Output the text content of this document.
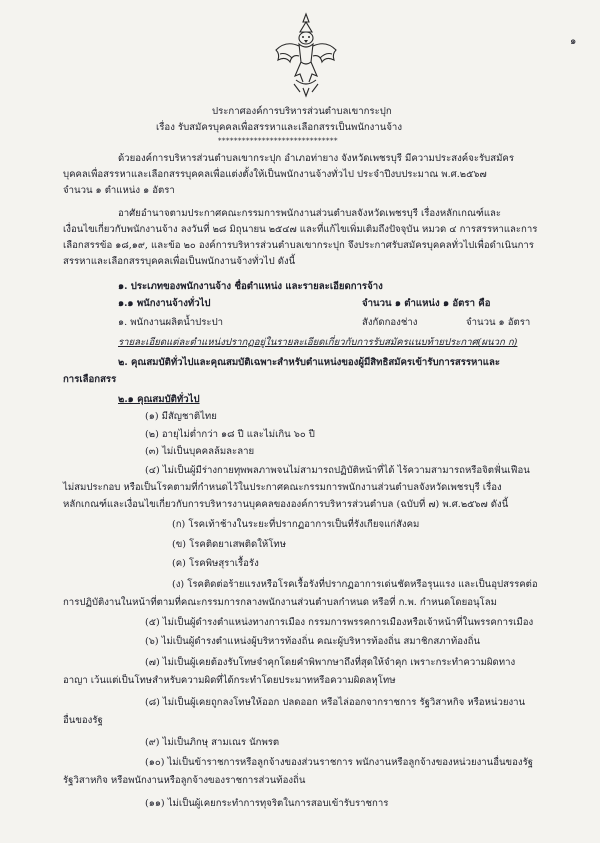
๑
ประกาศองค์การบริหารส่วนตำบลเขากระปุก
เรื่อง รับสมัครบุคคลเพื่อสรรหาและเลือกสรรเป็นพนักงานจ้าง
******************************
ด้วยองค์การบริหารส่วนตำบลเขากระปุก อำเภอท่ายาง จังหวัดเพชรบุรี มีความประสงค์จะรับสมัคร
บุคคลเพื่อสรรหาและเลือกสรรบุคคลเพื่อแต่งตั้งให้เป็นพนักงานจ้างทั่วไป ประจำปีงบประมาณ พ.ศ.๒๕๖๗
จำนวน ๑ ตำแหน่ง ๑ อัตรา
อาศัยอำนาจตามประกาศคณะกรรมการพนักงานส่วนตำบลจังหวัดเพชรบุรี เรื่องหลักเกณฑ์และ
เงื่อนไขเกี่ยวกับพนักงานจ้าง ลงวันที่ ๒๘ มิถุนายน ๒๕๔๗ และที่แก้ไขเพิ่มเติมถึงปัจจุบัน หมวด ๔ การสรรหาและการ
เลือกสรรข้อ ๑๘,๑๙, และข้อ ๒๐ องค์การบริหารส่วนตำบลเขากระปุก จึงประกาศรับสมัครบุคคลทั่วไปเพื่อดำเนินการ
สรรหาและเลือกสรรบุคคลเพื่อเป็นพนักงานจ้างทั่วไป ดังนี้
๑. ประเภทของพนักงานจ้าง ชื่อตำแหน่ง และรายละเอียดการจ้าง
๑.๑ พนักงานจ้างทั่วไป	จำนวน ๑ ตำแหน่ง ๑ อัตรา คือ
๑. พนักงานผลิตน้ำประปา	สังกัดกองช่าง	จำนวน ๑ อัตรา
รายละเอียดแต่ละตำแหน่งปรากฏอยู่ในรายละเอียดเกี่ยวกับการรับสมัครแนบท้ายประกาศ(ผนวก ก)
๒. คุณสมบัติทั่วไปและคุณสมบัติเฉพาะสำหรับตำแหน่งของผู้มีสิทธิสมัครเข้ารับการสรรหาและ
การเลือกสรร
๒.๑ คุณสมบัติทั่วไป
(๑) มีสัญชาติไทย
(๒) อายุไม่ต่ำกว่า ๑๘ ปี และไม่เกิน ๖๐ ปี
(๓) ไม่เป็นบุคคลล้มละลาย
(๔) ไม่เป็นผู้มีร่างกายทุพพลภาพจนไม่สามารถปฏิบัติหน้าที่ได้ ไร้ความสามารถหรือจิตฟั่นเฟือน
ไม่สมประกอบ หรือเป็นโรคตามที่กำหนดไว้ในประกาศคณะกรรมการพนักงานส่วนตำบลจังหวัดเพชรบุรี เรื่อง
หลักเกณฑ์และเงื่อนไขเกี่ยวกับการบริหารงานบุคคลขององค์การบริหารส่วนตำบล (ฉบับที่ ๗) พ.ศ.๒๕๖๗ ดังนี้
(ก) โรคเท้าช้างในระยะที่ปรากฏอาการเป็นที่รังเกียจแก่สังคม
(ข) โรคติดยาเสพติดให้โทษ
(ค) โรคพิษสุราเรื้อรัง
(ง) โรคติดต่อร้ายแรงหรือโรคเรื้อรังที่ปรากฏอาการเด่นชัดหรือรุนแรง และเป็นอุปสรรคต่อ
การปฏิบัติงานในหน้าที่ตามที่คณะกรรมการกลางพนักงานส่วนตำบลกำหนด หรือที่ ก.พ. กำหนดโดยอนุโลม
(๕) ไม่เป็นผู้ดำรงตำแหน่งทางการเมือง กรรมการพรรคการเมืองหรือเจ้าหน้าที่ในพรรคการเมือง
(๖) ไม่เป็นผู้ดำรงตำแหน่งผู้บริหารท้องถิ่น คณะผู้บริหารท้องถิ่น สมาชิกสภาท้องถิ่น
(๗) ไม่เป็นผู้เคยต้องรับโทษจำคุกโดยคำพิพากษาถึงที่สุดให้จำคุก เพราะกระทำความผิดทาง
อาญา เว้นแต่เป็นโทษสำหรับความผิดที่ได้กระทำโดยประมาทหรือความผิดลหุโทษ
(๘) ไม่เป็นผู้เคยถูกลงโทษให้ออก ปลดออก หรือไล่ออกจากราชการ รัฐวิสาหกิจ หรือหน่วยงาน
อื่นของรัฐ
(๙) ไม่เป็นภิกษุ สามเณร นักพรต
(๑๐) ไม่เป็นข้าราชการหรือลูกจ้างของส่วนราชการ พนักงานหรือลูกจ้างของหน่วยงานอื่นของรัฐ
รัฐวิสาหกิจ หรือพนักงานหรือลูกจ้างของราชการส่วนท้องถิ่น
(๑๑) ไม่เป็นผู้เคยกระทำการทุจริตในการสอบเข้ารับราชการ
